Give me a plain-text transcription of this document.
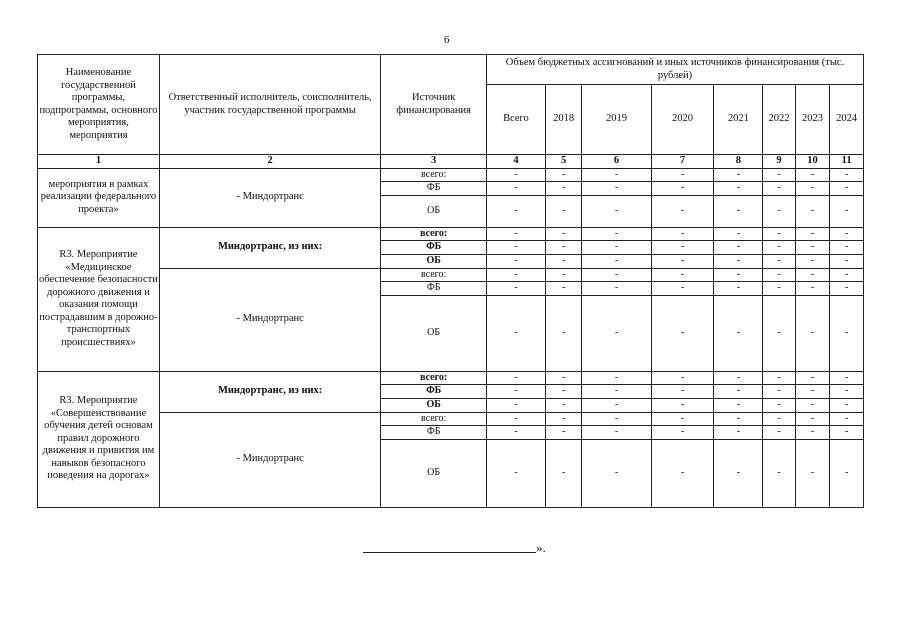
6
Наименование государственной программы, подпрограммы, основного мероприятия, мероприятия	Ответственный исполнитель, соисполнитель, участник государственной программы	Источник финансирования	Объем бюджетных ассигнований и иных источников финансирования (тыс. рублей)							
			Всего	2018	2019	2020	2021	2022	2023	2024
1	2	3	4	5	6	7	8	9	10	11
мероприятия в рамках реализации федерального проекта»	- Миндортранс	всего:	-	-	-	-	-	-	-	-
		ФБ	-	-	-	-	-	-	-	-
		ОБ	-	-	-	-	-	-	-	-
R3. Мероприятие «Медицинское обеспечение безопасности дорожного движения и оказания помощи пострадавшим в дорожно-транспортных происшествиях»	Миндортранс, из них:	всего:	-	-	-	-	-	-	-	-
		ФБ	-	-	-	-	-	-	-	-
		ОБ	-	-	-	-	-	-	-	-
	- Миндортранс	всего:	-	-	-	-	-	-	-	-
		ФБ	-	-	-	-	-	-	-	-
		ОБ	-	-	-	-	-	-	-	-
R3. Мероприятие «Совершенствование обучения детей основам правил дорожного движения и привития им навыков безопасного поведения на дорогах»	Миндортранс, из них:	всего:	-	-	-	-	-	-	-	-
		ФБ	-	-	-	-	-	-	-	-
		ОБ	-	-	-	-	-	-	-	-
	- Миндортранс	всего:	-	-	-	-	-	-	-	-
		ФБ	-	-	-	-	-	-	-	-
		ОБ	-	-	-	-	-	-	-	-
».
